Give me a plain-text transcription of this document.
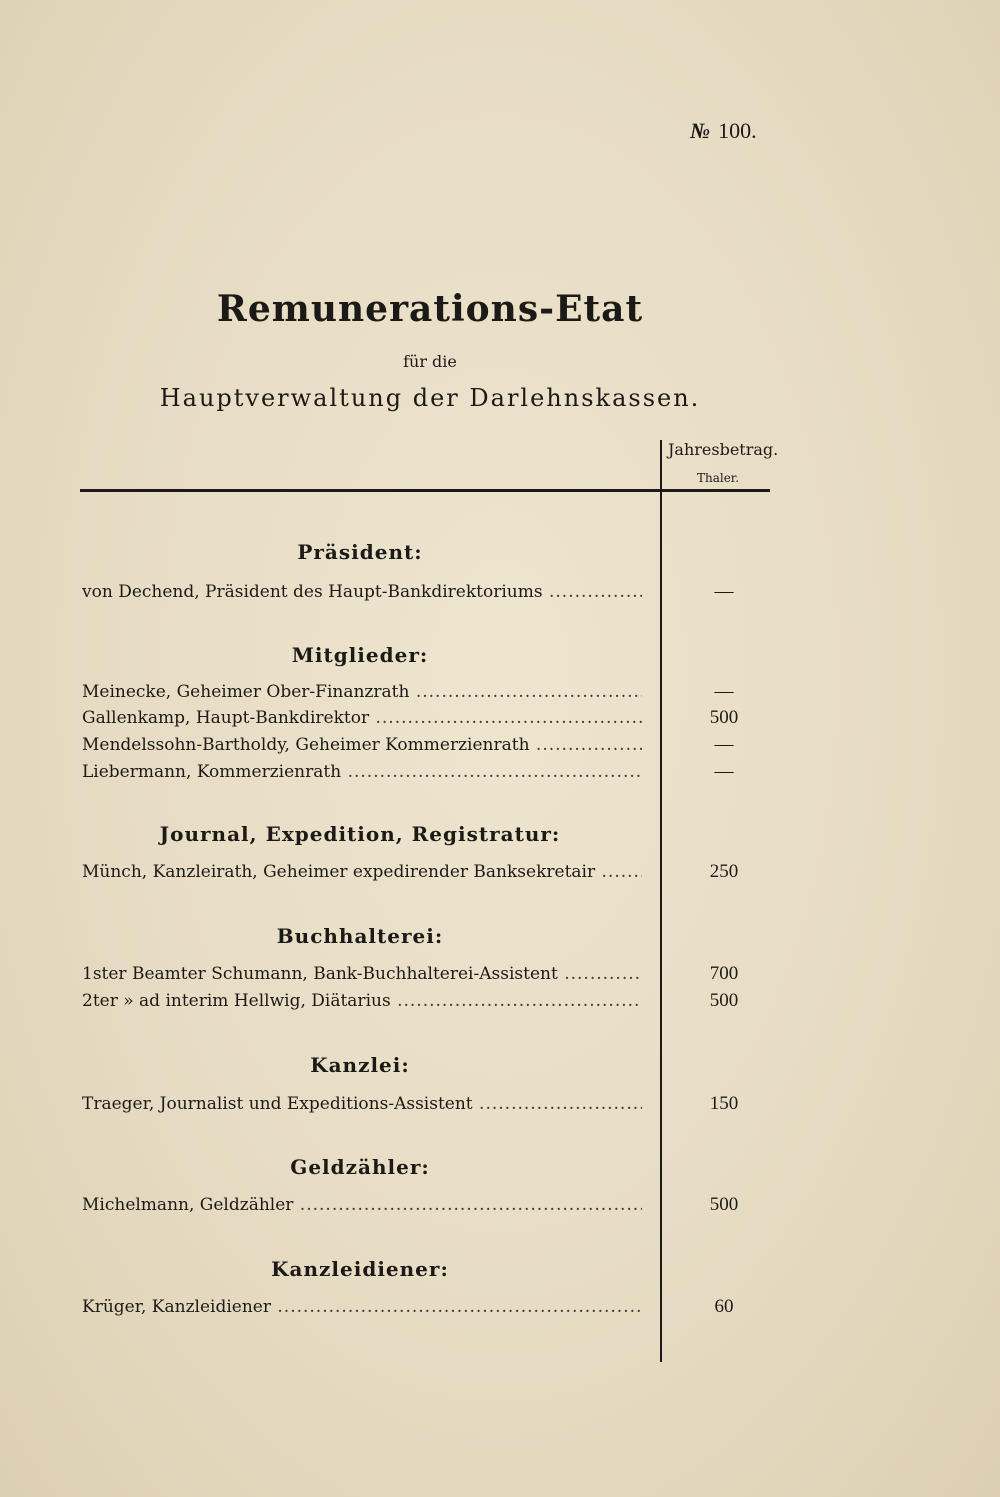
№ 100.
Remunerations-Etat
für die
Hauptverwaltung der Darlehnskassen.
Jahresbetrag.
Thaler.
Präsident:
von Dechend, Präsident des Haupt-Bankdirektoriums .....	—
Mitglieder:
Meinecke, Geheimer Ober-Finanzrath .....	—
Gallenkamp, Haupt-Bankdirektor .....	500
Mendelssohn-Bartholdy, Geheimer Kommerzienrath .....	—
Liebermann, Kommerzienrath .....	—
Journal, Expedition, Registratur:
Münch, Kanzleirath, Geheimer expedirender Banksekretair .....	250
Buchhalterei:
1ster Beamter Schumann, Bank-Buchhalterei-Assistent .....	700
2ter » ad interim Hellwig, Diätarius .....	500
Kanzlei:
Traeger, Journalist und Expeditions-Assistent .....	150
Geldzähler:
Michelmann, Geldzähler .....	500
Kanzleidiener:
Krüger, Kanzleidiener .....	60
